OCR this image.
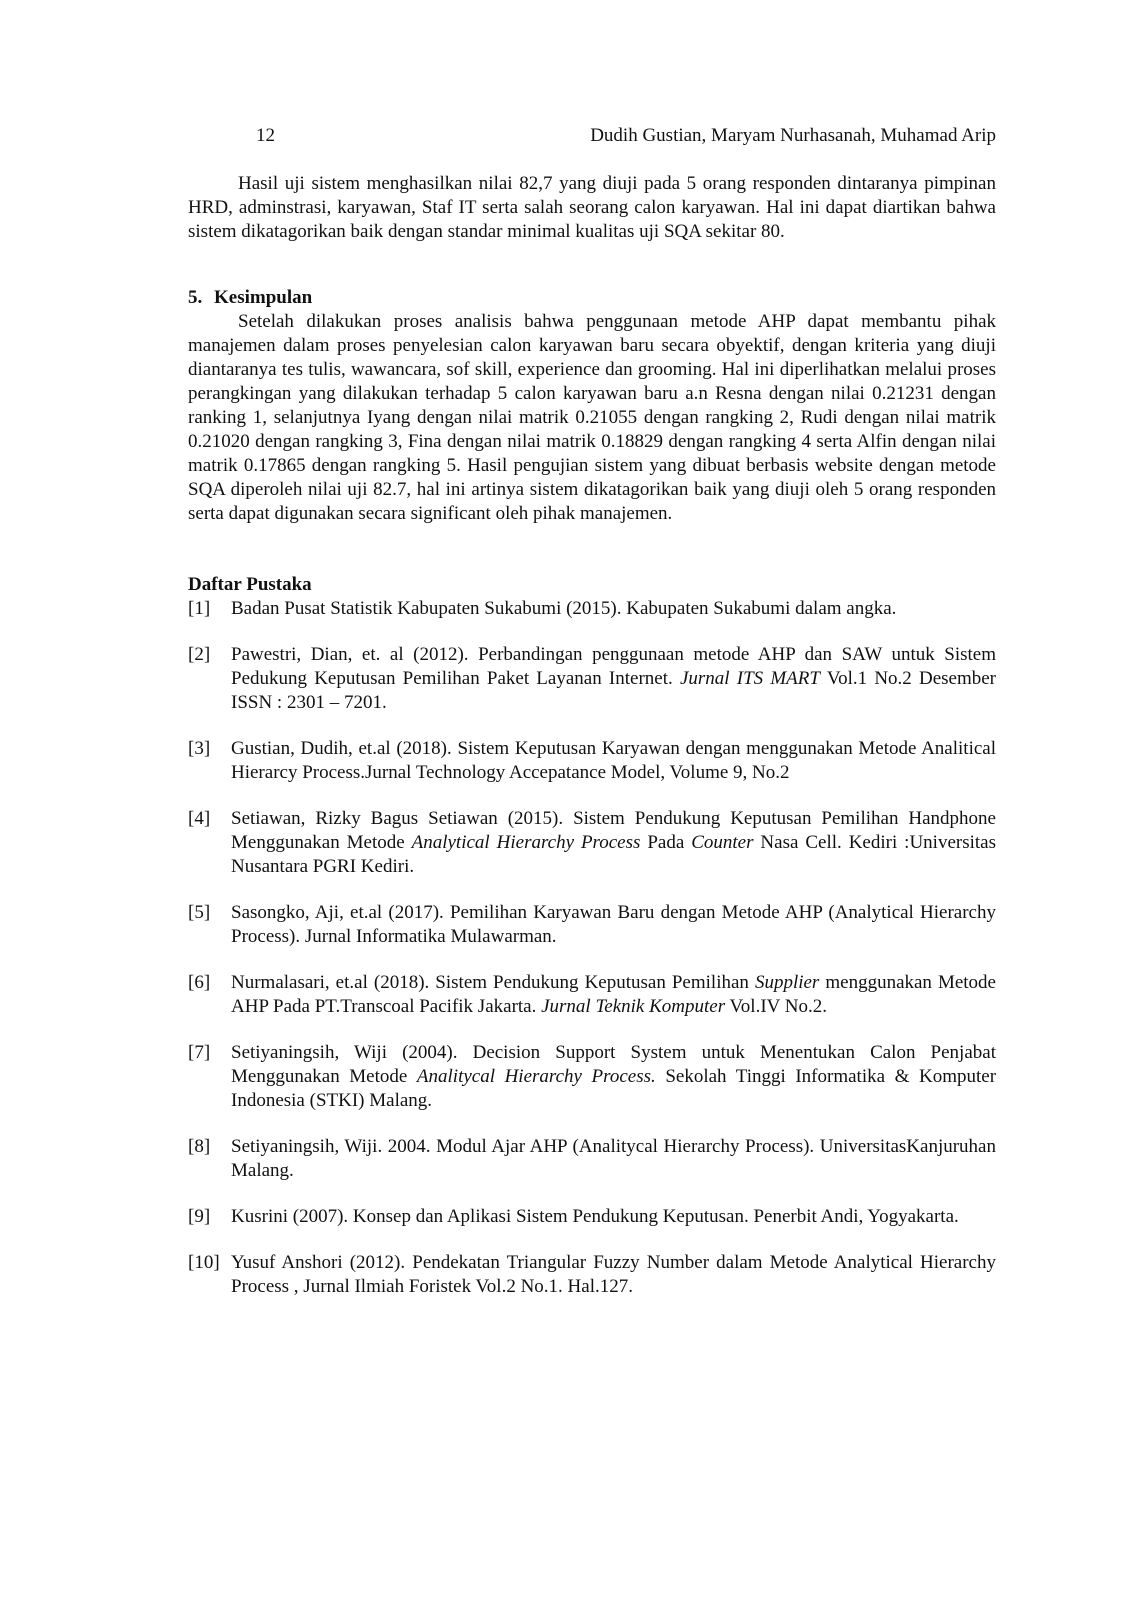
12	Dudih Gustian, Maryam Nurhasanah, Muhamad Arip

Hasil uji sistem menghasilkan nilai 82,7 yang diuji pada 5 orang responden dintaranya pimpinan HRD, adminstrasi, karyawan, Staf IT serta salah seorang calon karyawan. Hal ini dapat diartikan bahwa sistem dikatagorikan baik dengan standar minimal kualitas uji SQA sekitar 80.

5. Kesimpulan

Setelah dilakukan proses analisis bahwa penggunaan metode AHP dapat membantu pihak manajemen dalam proses penyelesian calon karyawan baru secara obyektif, dengan kriteria yang diuji diantaranya tes tulis, wawancara, sof skill, experience dan grooming. Hal ini diperlihatkan melalui proses perangkingan yang dilakukan terhadap 5 calon karyawan baru a.n Resna dengan nilai 0.21231 dengan ranking 1, selanjutnya Iyang dengan nilai matrik 0.21055 dengan rangking 2, Rudi dengan nilai matrik 0.21020 dengan rangking 3, Fina dengan nilai matrik 0.18829 dengan rangking 4 serta Alfin dengan nilai matrik 0.17865 dengan rangking 5. Hasil pengujian sistem yang dibuat berbasis website dengan metode SQA diperoleh nilai uji 82.7, hal ini artinya sistem dikatagorikan baik yang diuji oleh 5 orang responden serta dapat digunakan secara significant oleh pihak manajemen.

Daftar Pustaka
[1] Badan Pusat Statistik Kabupaten Sukabumi (2015). Kabupaten Sukabumi dalam angka.
[2] Pawestri, Dian, et. al (2012). Perbandingan penggunaan metode AHP dan SAW untuk Sistem Pedukung Keputusan Pemilihan Paket Layanan Internet. Jurnal ITS MART Vol.1 No.2 Desember ISSN : 2301 – 7201.
[3] Gustian, Dudih, et.al (2018). Sistem Keputusan Karyawan dengan menggunakan Metode Analitical Hierarcy Process.Jurnal Technology Accepatance Model, Volume 9, No.2
[4] Setiawan, Rizky Bagus Setiawan (2015). Sistem Pendukung Keputusan Pemilihan Handphone Menggunakan Metode Analytical Hierarchy Process Pada Counter Nasa Cell. Kediri :Universitas Nusantara PGRI Kediri.
[5] Sasongko, Aji, et.al (2017). Pemilihan Karyawan Baru dengan Metode AHP (Analytical Hierarchy Process). Jurnal Informatika Mulawarman.
[6] Nurmalasari, et.al (2018). Sistem Pendukung Keputusan Pemilihan Supplier menggunakan Metode AHP Pada PT.Transcoal Pacifik Jakarta. Jurnal Teknik Komputer Vol.IV No.2.
[7] Setiyaningsih, Wiji (2004). Decision Support System untuk Menentukan Calon Penjabat Menggunakan Metode Analitycal Hierarchy Process. Sekolah Tinggi Informatika & Komputer Indonesia (STKI) Malang.
[8] Setiyaningsih, Wiji. 2004. Modul Ajar AHP (Analitycal Hierarchy Process). UniversitasKanjuruhan Malang.
[9] Kusrini (2007). Konsep dan Aplikasi Sistem Pendukung Keputusan. Penerbit Andi, Yogyakarta.
[10] Yusuf Anshori (2012). Pendekatan Triangular Fuzzy Number dalam Metode Analytical Hierarchy Process , Jurnal Ilmiah Foristek Vol.2 No.1. Hal.127.
